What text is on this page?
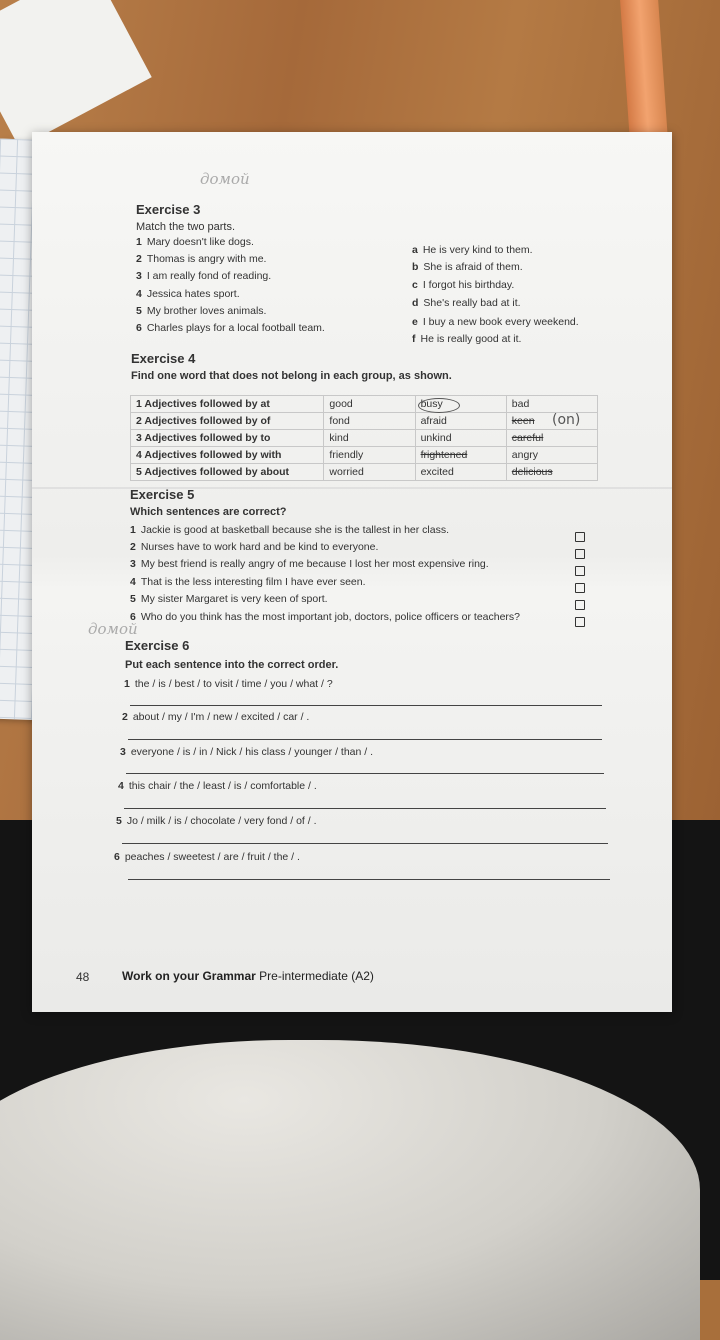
домой
Exercise 3
Match the two parts.
1 Mary doesn't like dogs.
2 Thomas is angry with me.
3 I am really fond of reading.
4 Jessica hates sport.
5 My brother loves animals.
6 Charles plays for a local football team.
a He is very kind to them.
b She is afraid of them.
c I forgot his birthday.
d She's really bad at it.
e I buy a new book every weekend.
f He is really good at it.
Exercise 4
Find one word that does not belong in each group, as shown.
1 Adjectives followed by at	good	busy	bad
2 Adjectives followed by of	fond	afraid	keen
3 Adjectives followed by to	kind	unkind	careful
4 Adjectives followed by with	friendly	frightened	angry
5 Adjectives followed by about	worried	excited	delicious
(on)
Exercise 5
Which sentences are correct?
1 Jackie is good at basketball because she is the tallest in her class.
2 Nurses have to work hard and be kind to everyone.
3 My best friend is really angry of me because I lost her most expensive ring.
4 That is the less interesting film I have ever seen.
5 My sister Margaret is very keen of sport.
6 Who do you think has the most important job, doctors, police officers or teachers?
домой
Exercise 6
Put each sentence into the correct order.
1 the / is / best / to visit / time / you / what / ?
2 about / my / I'm / new / excited / car / .
3 everyone / is / in / Nick / his class / younger / than / .
4 this chair / the / least / is / comfortable / .
5 Jo / milk / is / chocolate / very fond / of / .
6 peaches / sweetest / are / fruit / the / .
48	Work on your Grammar Pre-intermediate (A2)
